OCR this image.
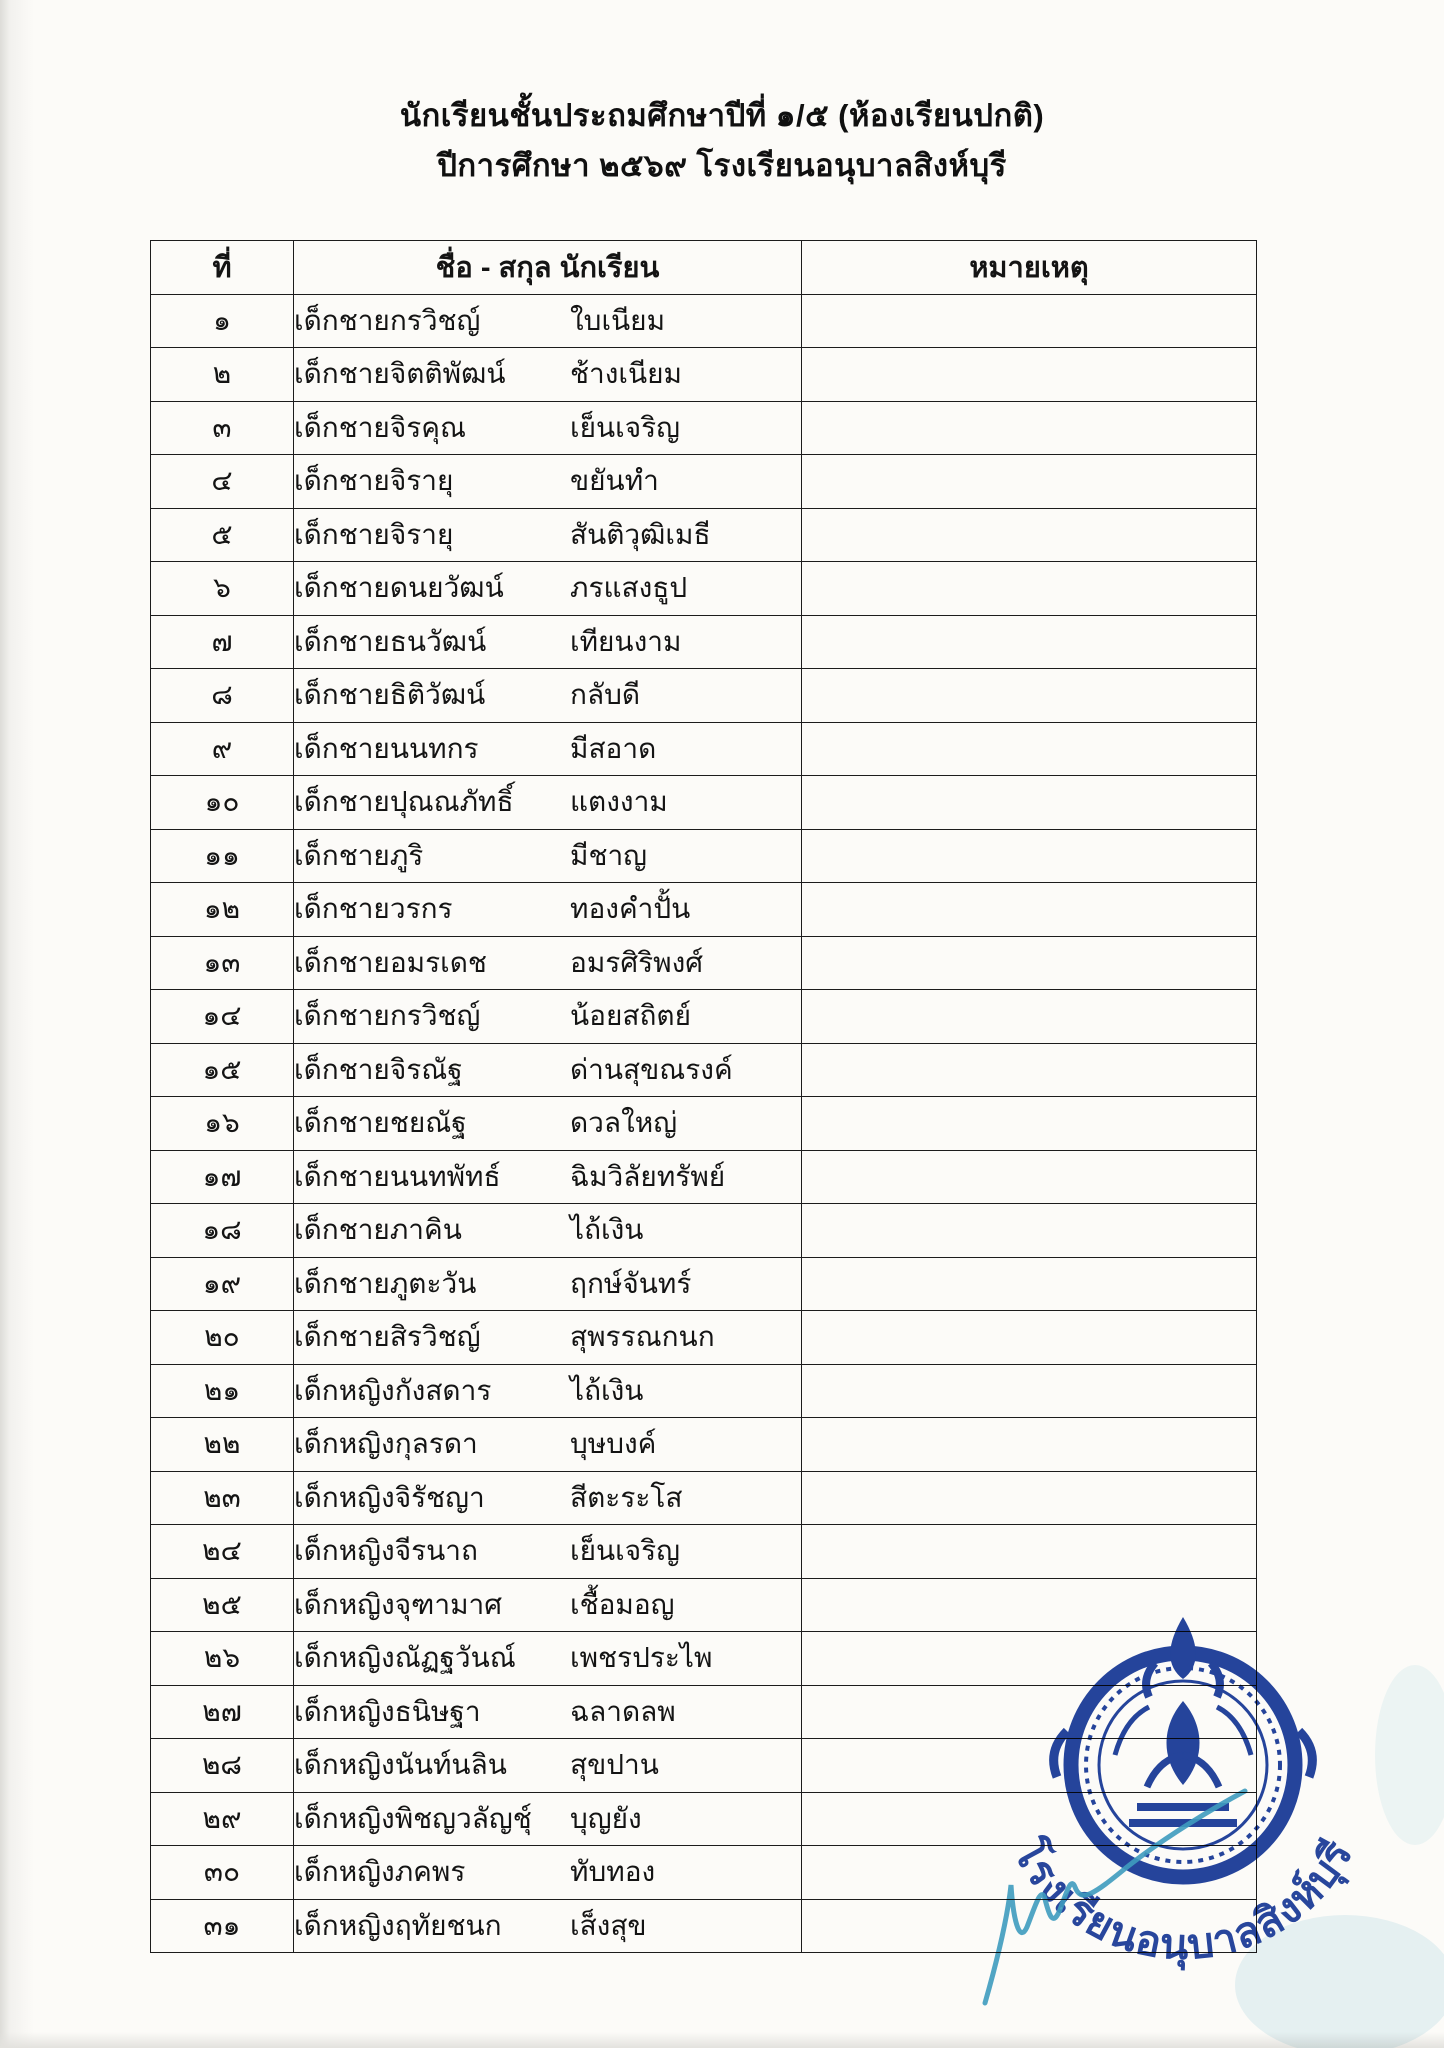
นักเรียนชั้นประถมศึกษาปีที่ ๑/๕ (ห้องเรียนปกติ)
ปีการศึกษา ๒๕๖๙ โรงเรียนอนุบาลสิงห์บุรี
ที่	ชื่อ - สกุล นักเรียน	หมายเหตุ
๑	เด็กชายกรวิชญ์ ใบเนียม	
๒	เด็กชายจิตติพัฒน์ ช้างเนียม	
๓	เด็กชายจิรคุณ เย็นเจริญ	
๔	เด็กชายจิรายุ ขยันทำ	
๕	เด็กชายจิรายุ สันติวุฒิเมธี	
๖	เด็กชายดนยวัฒน์ ภรแสงธูป	
๗	เด็กชายธนวัฒน์ เทียนงาม	
๘	เด็กชายธิติวัฒน์ กลับดี	
๙	เด็กชายนนทกร มีสอาด	
๑๐	เด็กชายปุณณภัทธิ์ แตงงาม	
๑๑	เด็กชายภูริ มีชาญ	
๑๒	เด็กชายวรกร ทองคำปั้น	
๑๓	เด็กชายอมรเดช อมรศิริพงศ์	
๑๔	เด็กชายกรวิชญ์ น้อยสถิตย์	
๑๕	เด็กชายจิรณัฐ ด่านสุขณรงค์	
๑๖	เด็กชายชยณัฐ ดวลใหญ่	
๑๗	เด็กชายนนทพัทธ์ ฉิมวิลัยทรัพย์	
๑๘	เด็กชายภาคิน ไถ้เงิน	
๑๙	เด็กชายภูตะวัน ฤกษ์จันทร์	
๒๐	เด็กชายสิรวิชญ์ สุพรรณกนก	
๒๑	เด็กหญิงกังสดาร ไถ้เงิน	
๒๒	เด็กหญิงกุลรดา บุษบงค์	
๒๓	เด็กหญิงจิรัชญา สีตะระโส	
๒๔	เด็กหญิงจีรนาถ เย็นเจริญ	
๒๕	เด็กหญิงจุฑามาศ เชื้อมอญ	
๒๖	เด็กหญิงณัฏฐวันณ์ เพชรประไพ	
๒๗	เด็กหญิงธนิษฐา ฉลาดลพ	
๒๘	เด็กหญิงนันท์นลิน สุขปาน	
๒๙	เด็กหญิงพิชญวลัญชุ์ บุญยัง	
๓๐	เด็กหญิงภคพร ทับทอง	
๓๑	เด็กหญิงฤทัยชนก เส็งสุข	
โรงเรียนอนุบาลสิงห์บุรี
